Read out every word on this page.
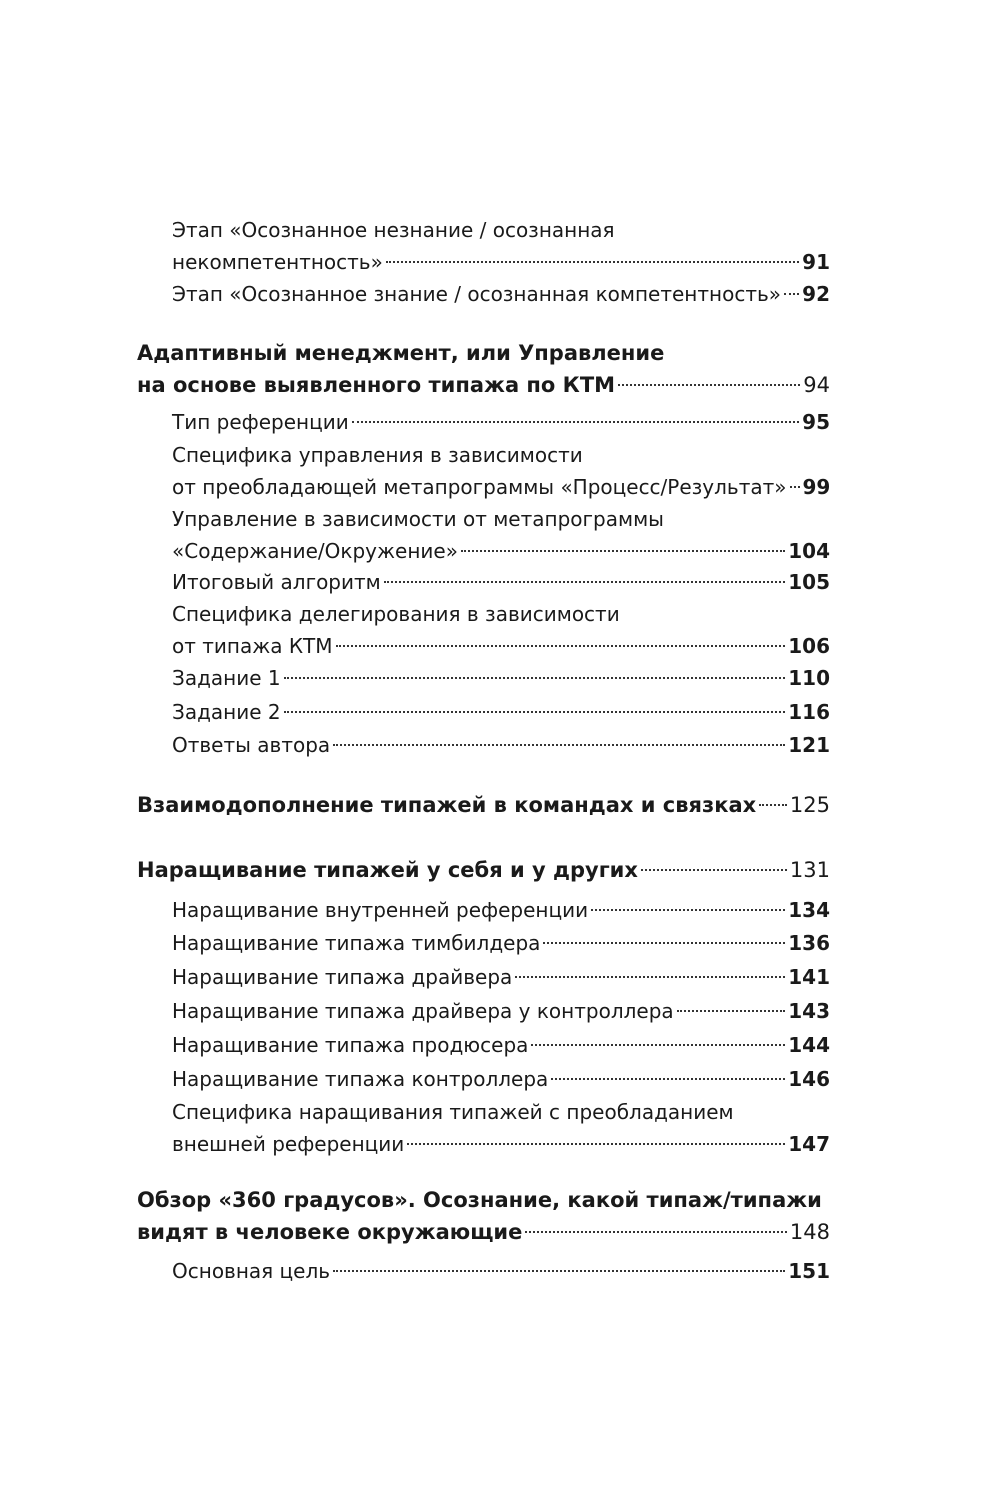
Этап «Осознанное незнание / осознанная
некомпетентность»	91
Этап «Осознанное знание / осознанная компетентность» 92
Адаптивный менеджмент, или Управление
на основе выявленного типажа по КТМ	94
Тип референции	95
Специфика управления в зависимости
от преобладающей метапрограммы «Процесс/Результат» 99
Управление в зависимости от метапрограммы
«Содержание/Окружение»	104
Итоговый алгоритм	105
Специфика делегирования в зависимости
от типажа КТМ	106
Задание 1	110
Задание 2	116
Ответы автора	121
Взаимодополнение типажей в командах и связках 125
Наращивание типажей у себя и у других	131
Наращивание внутренней референции	134
Наращивание типажа тимбилдера	136
Наращивание типажа драйвера	141
Наращивание типажа драйвера у контроллера	143
Наращивание типажа продюсера	144
Наращивание типажа контроллера	146
Специфика наращивания типажей с преобладанием
внешней референции	147
Обзор «360 градусов». Осознание, какой типаж/типажи
видят в человеке окружающие	148
Основная цель	151
